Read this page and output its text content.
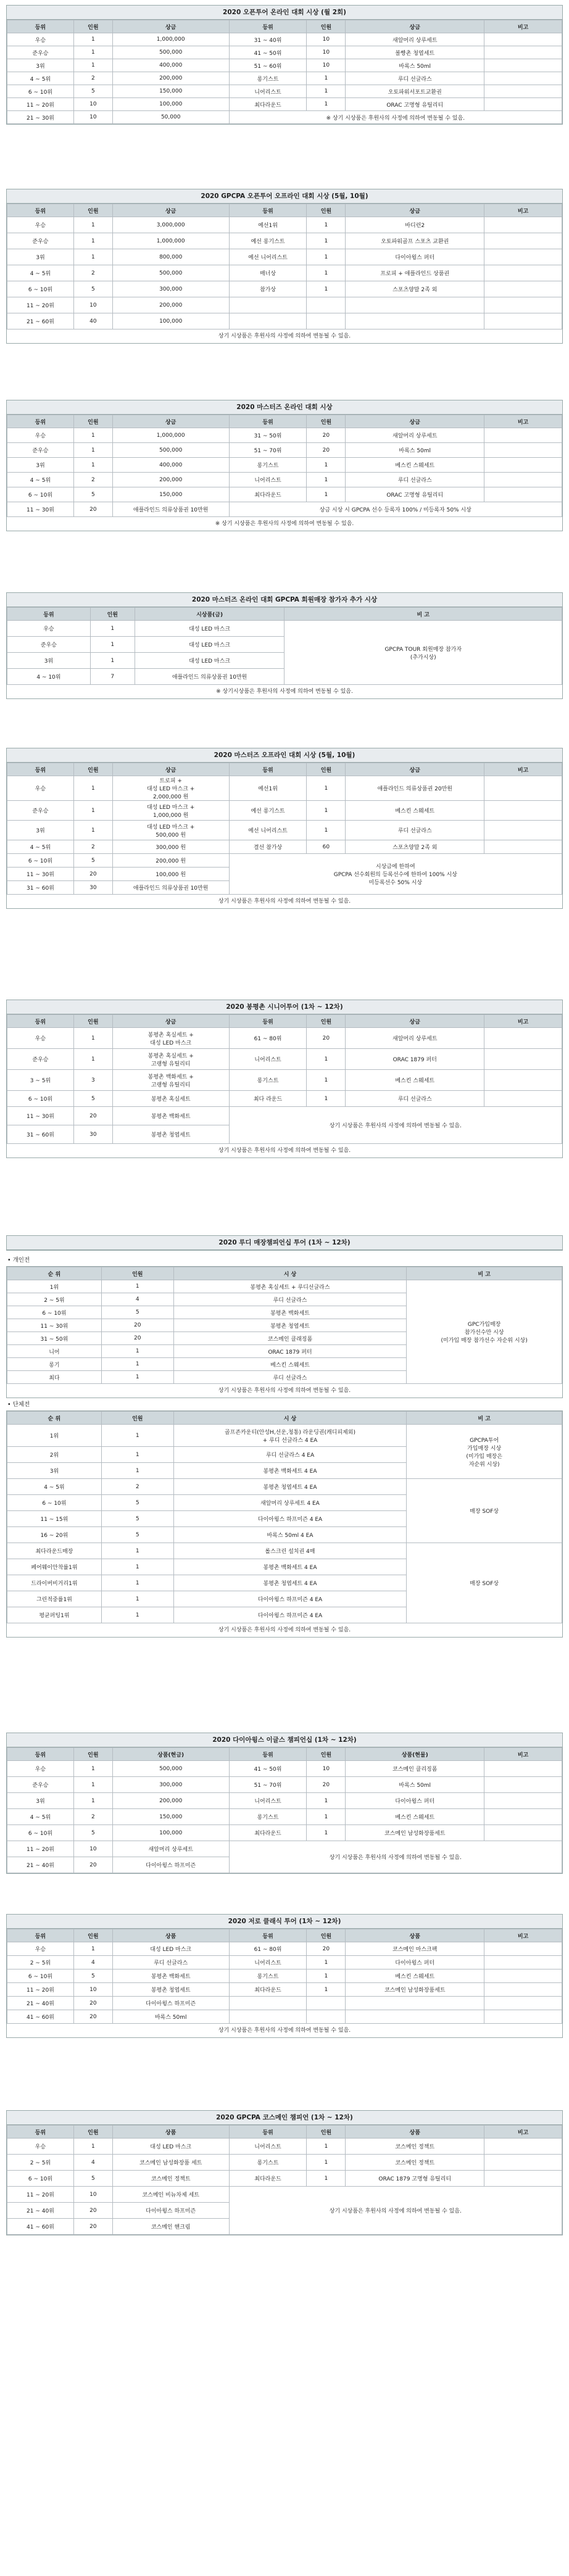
2020 오픈투어 온라인 대회 시상 (월 2회)
등위	인원	상금	등위	인원	상금	비고
우승	1	1,000,000	31 ~ 40위	10	새알머리 상루세트	
준우승	1	500,000	41 ~ 50위	10	볼빵촌 청엽세트	
3위	1	400,000	51 ~ 60위	10	바록스 50ml	
4 ~ 5위	2	200,000	롱기스트	1	루디 선글라스	
6 ~ 10위	5	150,000	니어리스트	1	오토파워서포트교환권	
11 ~ 20위	10	100,000	최다라운드	1	ORAC 고명형 유틸리티	
21 ~ 30위	10	50,000	※ 상기 시상품은 후원사의 사정에 의하여 변동될 수 있음.			
2020 GPCPA 오픈투어 오프라인 대회 시상 (5월, 10월)
등위	인원	상금	등위	인원	상금	비고
우승	1	3,000,000	예선1위	1	바디런2	
준우승	1	1,000,000	예선 롱기스트	1	오토파워골프 스포츠 교환권	
3위	1	800,000	예선 니어리스트	1	다이아윙스 퍼터	
4 ~ 5위	2	500,000	매너상	1	프로피 + 애플라인드 상품권	
6 ~ 10위	5	300,000	참가상	1	스포츠양말 2족 외	
11 ~ 20위	10	200,000				
21 ~ 60위	40	100,000				
상기 시상품은 후원사의 사정에 의하여 변동될 수 있음.
2020 마스터즈 온라인 대회 시상
등위	인원	상금	등위	인원	상금	비고
우승	1	1,000,000	31 ~ 50위	20	새알머리 상루세트	
준우승	1	500,000	51 ~ 70위	20	바록스 50ml	
3위	1	400,000	롱기스트	1	베스킨 스웨세트	
4 ~ 5위	2	200,000	니어리스트	1	루디 선글라스	
6 ~ 10위	5	150,000	최다라운드	1	ORAC 고명형 유틸리티	
11 ~ 30위	20	애플라인드 의류상품권 10만원	상금 시상 시 GPCPA 선수 등록자 100% / 미등록자 50% 시상			
※ 상기 시상품은 후원사의 사정에 의하여 변동될 수 있음.
2020 마스터즈 온라인 대회 GPCPA 회원매장 참가자 추가 시상
등위	인원	시상품(금)	비 고
우승	1	대성 LED 마스크	GPCPA TOUR 회원매장 참가자
(추가시상)
준우승	1	대성 LED 마스크	
3위	1	대성 LED 마스크	
4 ~ 10위	7	애플라인드 의류상품권 10만원	
※ 상기시상품은 후원사의 사정에 의하여 변동될 수 있음.
2020 마스터즈 오프라인 대회 시상 (5월, 10월)
등위	인원	상금	등위	인원	상금	비고
우승	1	트로피 +
대성 LED 마스크 +
2,000,000 원	예선1위	1	애플라인드 의류상품권 20만원	
준우승	1	대성 LED 마스크 +
1,000,000 원	예선 롱기스트	1	베스킨 스웨세트	
3위	1	대성 LED 마스크 +
500,000 원	예선 니어리스트	1	루디 선글라스	
4 ~ 5위	2	300,000 원	결선 참가상	60	스포츠양말 2족 외	
6 ~ 10위	5	200,000 원	시상금에 한하여
GPCPA 선수회원의 등록선수에 한하여 100% 시상
미등록선수 50% 시상			
11 ~ 30위	20	100,000 원				
31 ~ 60위	30	애플라인드 의류상품권 10만원				
상기 시상품은 후원사의 사정에 의하여 변동될 수 있음.
2020 봉평촌 시니어투어 (1차 ~ 12차)
등위	인원	상금	등위	인원	상금	비고
우승	1	봉평촌 혹실세트 +
대성 LED 마스크	61 ~ 80위	20	새알머리 상루세트	
준우승	1	봉평촌 혹실세트 +
고랭형 유틸리티	니어리스트	1	ORAC 1879 퍼터	
3 ~ 5위	3	봉평촌 백화세트 +
고랭형 유틸리티	롱기스트	1	베스킨 스웨세트	
6 ~ 10위	5	봉평촌 혹실세트	최다 라운드	1	루디 선글라스	
11 ~ 30위	20	봉평촌 백화세트	상기 시상품은 후원사의 사정에 의하여 변동될 수 있음.			
31 ~ 60위	30	봉평촌 청엽세트				
상기 시상품은 후원사의 사정에 의하여 변동될 수 있음.
2020 루디 매장챔피언십 투어 (1차 ~ 12차)
• 개인전
순 위	인원	시 상	비 고
1위	1	봉평촌 혹실세트 + 루디선글라스	GPC가입매장
참가선수만 시상
(미가입 매장 참가선수 자순위 시상)
2 ~ 5위	4	루디 선글라스	
6 ~ 10위	5	봉평촌 백화세트	
11 ~ 30위	20	봉평촌 청엽세트	
31 ~ 50위	20	코스메인 클래징폼	
니어	1	ORAC 1879 퍼터	
롱기	1	베스킨 스웨세트	
최다	1	루디 선글라스	
상기 시상품은 후원사의 사정에 의하여 변동될 수 있음.
• 단체전
순 위	인원	시 상	비 고
1위	1	골프존카운티(안성H,선운,청통) 라운딩권(캐디피제외)
+ 루디 선글라스 4 EA	GPCPA투어
가입매장 시상
(미가입 매장은
자순위 시상)
2위	1	루디 선글라스 4 EA	
3위	1	봉평촌 백화세트 4 EA	
4 ~ 5위	2	봉평촌 청엽세트 4 EA	매장 SOF상
6 ~ 10위	5	새알머리 상루세트 4 EA	
11 ~ 15위	5	다이아윙스 하프미즌 4 EA	
16 ~ 20위	5	바록스 50ml 4 EA	
최다라운드매장	1	롤스크린 설치권 4매	매장 SOF상
페어웨이안착률1위	1	봉평촌 백화세트 4 EA	
드라이버비거리1위	1	봉평촌 청엽세트 4 EA	
그린적중률1위	1	다이아윙스 하프미즌 4 EA	
평균퍼팅1위	1	다이아윙스 하프미즌 4 EA	
상기 시상품은 후원사의 사정에 의하여 변동될 수 있음.
2020 다이아윙스 이글스 챔피언십 (1차 ~ 12차)
등위	인원	상품(현금)	등위	인원	상품(현물)	비고
우승	1	500,000	41 ~ 50위	10	코스메인 클리징폼	
준우승	1	300,000	51 ~ 70위	20	바록스 50ml	
3위	1	200,000	니어리스트	1	다이아윙스 퍼터	
4 ~ 5위	2	150,000	롱기스트	1	베스킨 스웨세트	
6 ~ 10위	5	100,000	최다라운드	1	코스메인 남성화장품세트	
11 ~ 20위	10	새알머리 상루세트	상기 시상품은 후원사의 사정에 의하여 변동될 수 있음.			
21 ~ 40위	20	다이아윙스 하프미즌				
2020 저로 클래식 투어 (1차 ~ 12차)
등위	인원	상품	등위	인원	상품	비고
우승	1	대성 LED 마스크	61 ~ 80위	20	코스메인 마스크팩	
2 ~ 5위	4	루디 선글라스	니어리스트	1	다이아윙스 퍼터	
6 ~ 10위	5	봉평촌 백화세트	롱기스트	1	베스킨 스웨세트	
11 ~ 20위	10	봉평촌 청엽세트	최다라운드	1	코스메인 남성화장품세트	
21 ~ 40위	20	다이아윙스 하프미즌				
41 ~ 60위	20	바록스 50ml				
상기 시상품은 후원사의 사정에 의하여 변동될 수 있음.
2020 GPCPA 코스메인 챔피언 (1차 ~ 12차)
등위	인원	상품	등위	인원	상품	비고
우승	1	대성 LED 마스크	니어리스트	1	코스메인 정책트	
2 ~ 5위	4	코스메인 남성화장품 세트	롱기스트	1	코스메인 정책트	
6 ~ 10위	5	코스메인 정책트	최다라운드	1	ORAC 1879 고명형 유틸리티	
11 ~ 20위	10	코스메인 비뉴차제 세트	상기 시상품은 후원사의 사정에 의하여 변동될 수 있음.			
21 ~ 40위	20	다이아윙스 하프미즌				
41 ~ 60위	20	코스메인 핸크림				
